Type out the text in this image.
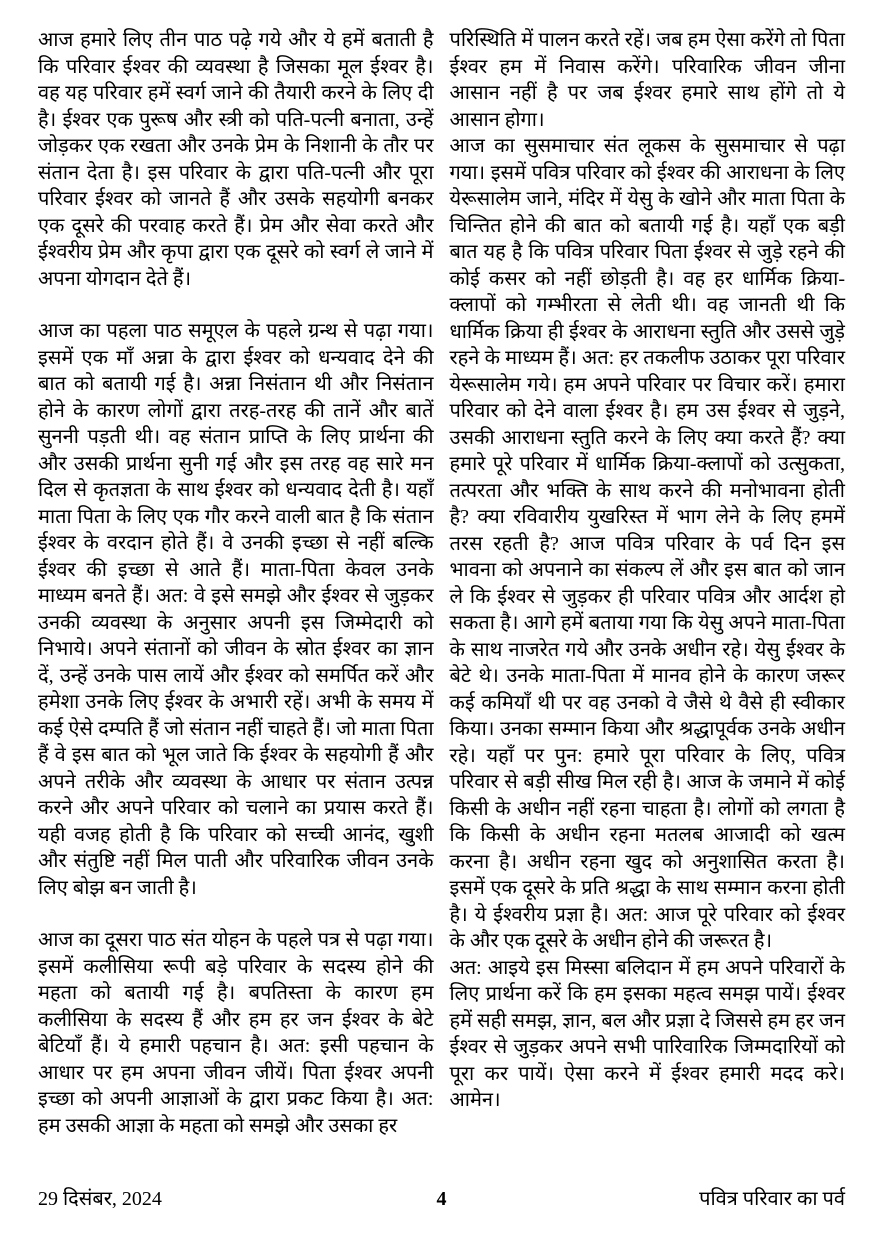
आज हमारे लिए तीन पाठ पढ़े गये और ये हमें बताती है कि परिवार ईश्वर की व्यवस्था है जिसका मूल ईश्वर है। वह यह परिवार हमें स्वर्ग जाने की तैयारी करने के लिए दी है। ईश्वर एक पुरूष और स्त्री को पति-पत्नी बनाता, उन्हें जोड़कर एक रखता और उनके प्रेम के निशानी के तौर पर संतान देता है। इस परिवार के द्वारा पति-पत्नी और पूरा परिवार ईश्वर को जानते हैं और उसके सहयोगी बनकर एक दूसरे की परवाह करते हैं। प्रेम और सेवा करते और ईश्वरीय प्रेम और कृपा द्वारा एक दूसरे को स्वर्ग ले जाने में अपना योगदान देते हैं।

आज का पहला पाठ समूएल के पहले ग्रन्थ से पढ़ा गया। इसमें एक माँ अन्ना के द्वारा ईश्वर को धन्यवाद देने की बात को बतायी गई है। अन्ना निसंतान थी और निसंतान होने के कारण लोगों द्वारा तरह-तरह की तानें और बातें सुननी पड़ती थी। वह संतान प्राप्ति के लिए प्रार्थना की और उसकी प्रार्थना सुनी गई और इस तरह वह सारे मन दिल से कृतज्ञता के साथ ईश्वर को धन्यवाद देती है। यहाँ माता पिता के लिए एक गौर करने वाली बात है कि संतान ईश्वर के वरदान होते हैं। वे उनकी इच्छा से नहीं बल्कि ईश्वर की इच्छा से आते हैं। माता-पिता केवल उनके माध्यम बनते हैं। अत: वे इसे समझे और ईश्वर से जुड़कर उनकी व्यवस्था के अनुसार अपनी इस जिम्मेदारी को निभाये। अपने संतानों को जीवन के स्रोत ईश्वर का ज्ञान दें, उन्हें उनके पास लायें और ईश्वर को समर्पित करें और हमेशा उनके लिए ईश्वर के अभारी रहें। अभी के समय में कई ऐसे दम्पति हैं जो संतान नहीं चाहते हैं। जो माता पिता हैं वे इस बात को भूल जाते कि ईश्वर के सहयोगी हैं और अपने तरीके और व्यवस्था के आधार पर संतान उत्पन्न करने और अपने परिवार को चलाने का प्रयास करते हैं। यही वजह होती है कि परिवार को सच्ची आनंद, खुशी और संतुष्टि नहीं मिल पाती और परिवारिक जीवन उनके लिए बोझ बन जाती है।

आज का दूसरा पाठ संत योहन के पहले पत्र से पढ़ा गया। इसमें कलीसिया रूपी बड़े परिवार के सदस्य होने की महता को बतायी गई है। बपतिस्ता के कारण हम कलीसिया के सदस्य हैं और हम हर जन ईश्वर के बेटे बेटियाँ हैं। ये हमारी पहचान है। अत: इसी पहचान के आधार पर हम अपना जीवन जीयें। पिता ईश्वर अपनी इच्छा को अपनी आज्ञाओं के द्वारा प्रकट किया है। अत: हम उसकी आज्ञा के महता को समझे और उसका हर

परिस्थिति में पालन करते रहें। जब हम ऐसा करेंगे तो पिता ईश्वर हम में निवास करेंगे। परिवारिक जीवन जीना आसान नहीं है पर जब ईश्वर हमारे साथ होंगे तो ये आसान होगा।

आज का सुसमाचार संत लूकस के सुसमाचार से पढ़ा गया। इसमें पवित्र परिवार को ईश्वर की आराधना के लिए येरूसालेम जाने, मंदिर में येसु के खोने और माता पिता के चिन्तित होने की बात को बतायी गई है। यहाँ एक बड़ी बात यह है कि पवित्र परिवार पिता ईश्वर से जुड़े रहने की कोई कसर को नहीं छोड़ती है। वह हर धार्मिक क्रिया-क्लापों को गम्भीरता से लेती थी। वह जानती थी कि धार्मिक क्रिया ही ईश्वर के आराधना स्तुति और उससे जुड़े रहने के माध्यम हैं। अत: हर तकलीफ उठाकर पूरा परिवार येरूसालेम गये। हम अपने परिवार पर विचार करें। हमारा परिवार को देने वाला ईश्वर है। हम उस ईश्वर से जुड़ने, उसकी आराधना स्तुति करने के लिए क्या करते हैं? क्या हमारे पूरे परिवार में धार्मिक क्रिया-क्लापों को उत्सुकता, तत्परता और भक्ति के साथ करने की मनोभावना होती है? क्या रविवारीय युखरिस्त में भाग लेने के लिए हममें तरस रहती है? आज पवित्र परिवार के पर्व दिन इस भावना को अपनाने का संकल्प लें और इस बात को जान ले कि ईश्वर से जुड़कर ही परिवार पवित्र और आर्दश हो सकता है। आगे हमें बताया गया कि येसु अपने माता-पिता के साथ नाजरेत गये और उनके अधीन रहे। येसु ईश्वर के बेटे थे। उनके माता-पिता में मानव होने के कारण जरूर कई कमियाँ थी पर वह उनको वे जैसे थे वैसे ही स्वीकार किया। उनका सम्मान किया और श्रद्धापूर्वक उनके अधीन रहे। यहाँ पर पुन: हमारे पूरा परिवार के लिए, पवित्र परिवार से बड़ी सीख मिल रही है। आज के जमाने में कोई किसी के अधीन नहीं रहना चाहता है। लोगों को लगता है कि किसी के अधीन रहना मतलब आजादी को खत्म करना है। अधीन रहना खुद को अनुशासित करता है। इसमें एक दूसरे के प्रति श्रद्धा के साथ सम्मान करना होती है। ये ईश्वरीय प्रज्ञा है। अत: आज पूरे परिवार को ईश्वर के और एक दूसरे के अधीन होने की जरूरत है।

अत: आइये इस मिस्सा बलिदान में हम अपने परिवारों के लिए प्रार्थना करें कि हम इसका महत्व समझ पायें। ईश्वर हमें सही समझ, ज्ञान, बल और प्रज्ञा दे जिससे हम हर जन ईश्वर से जुड़कर अपने सभी पारिवारिक जिम्मदारियों को पूरा कर पायें। ऐसा करने में ईश्वर हमारी मदद करे। आमेन।

29 दिसंबर, 2024	4	पवित्र परिवार का पर्व
